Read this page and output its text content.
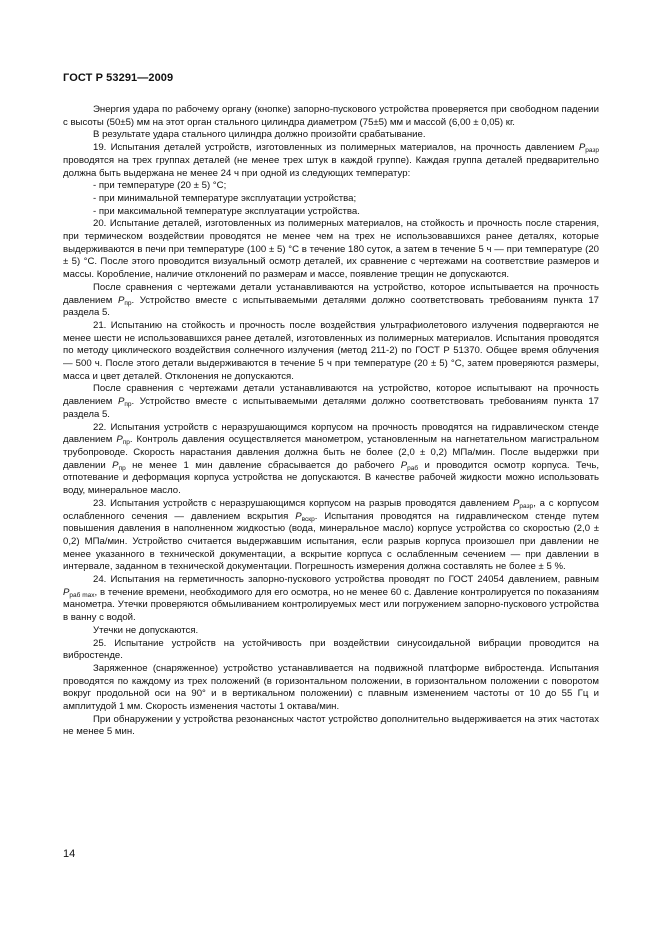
ГОСТ Р 53291—2009

Энергия удара по рабочему органу (кнопке) запорно-пускового устройства проверяется при свободном падении с высоты (50±5) мм на этот орган стального цилиндра диаметром (75±5) мм и массой (6,00 ± 0,05) кг.

В результате удара стального цилиндра должно произойти срабатывание.

19. Испытания деталей устройств, изготовленных из полимерных материалов, на прочность давлением $P_{разр}$ проводятся на трех группах деталей (не менее трех штук в каждой группе). Каждая группа деталей предварительно должна быть выдержана не менее 24 ч при одной из следующих температур:

- при температуре (20 ± 5) °С;

- при минимальной температуре эксплуатации устройства;

- при максимальной температуре эксплуатации устройства.

20. Испытание деталей, изготовленных из полимерных материалов, на стойкость и прочность после старения, при термическом воздействии проводятся не менее чем на трех не использовавшихся ранее деталях, которые выдерживаются в печи при температуре (100 ± 5) °С в течение 180 суток, а затем в течение 5 ч — при температуре (20 ± 5) °С. После этого проводится визуальный осмотр деталей, их сравнение с чертежами на соответствие размеров и массы. Коробление, наличие отклонений по размерам и массе, появление трещин не допускаются.

После сравнения с чертежами детали устанавливаются на устройство, которое испытывается на прочность давлением $P_{пр}$. Устройство вместе с испытываемыми деталями должно соответствовать требованиям пункта 17 раздела 5.

21. Испытанию на стойкость и прочность после воздействия ультрафиолетового излучения подвергаются не менее шести не использовавшихся ранее деталей, изготовленных из полимерных материалов. Испытания проводятся по методу циклического воздействия солнечного излучения (метод 211-2) по ГОСТ Р 51370. Общее время облучения — 500 ч. После этого детали выдерживаются в течение 5 ч при температуре (20 ± 5) °С, затем проверяются размеры, масса и цвет деталей. Отклонения не допускаются.

После сравнения с чертежами детали устанавливаются на устройство, которое испытывают на прочность давлением $P_{пр}$. Устройство вместе с испытываемыми деталями должно соответствовать требованиям пункта 17 раздела 5.

22. Испытания устройств с неразрушающимся корпусом на прочность проводятся на гидравлическом стенде давлением $P_{пр}$. Контроль давления осуществляется манометром, установленным на нагнетательном магистральном трубопроводе. Скорость нарастания давления должна быть не более (2,0 ± 0,2) МПа/мин. После выдержки при давлении $P_{пр}$ не менее 1 мин давление сбрасывается до рабочего $P_{раб}$ и проводится осмотр корпуса. Течь, отпотевание и деформация корпуса устройства не допускаются. В качестве рабочей жидкости можно использовать воду, минеральное масло.

23. Испытания устройств с неразрушающимся корпусом на разрыв проводятся давлением $P_{разр}$, а с корпусом ослабленного сечения — давлением вскрытия $P_{вскр}$. Испытания проводятся на гидравлическом стенде путем повышения давления в наполненном жидкостью (вода, минеральное масло) корпусе устройства со скоростью (2,0 ± 0,2) МПа/мин. Устройство считается выдержавшим испытания, если разрыв корпуса произошел при давлении не менее указанного в технической документации, а вскрытие корпуса с ослабленным сечением — при давлении в интервале, заданном в технической документации. Погрешность измерения должна составлять не более ± 5 %.

24. Испытания на герметичность запорно-пускового устройства проводят по ГОСТ 24054 давлением, равным $P_{раб max}$, в течение времени, необходимого для его осмотра, но не менее 60 с. Давление контролируется по показаниям манометра. Утечки проверяются обмыливанием контролируемых мест или погружением запорно-пускового устройства в ванну с водой.

Утечки не допускаются.

25. Испытание устройств на устойчивость при воздействии синусоидальной вибрации проводится на вибростенде.

Заряженное (снаряженное) устройство устанавливается на подвижной платформе вибростенда. Испытания проводятся по каждому из трех положений (в горизонтальном положении, в горизонтальном положении с поворотом вокруг продольной оси на 90° и в вертикальном положении) с плавным изменением частоты от 10 до 55 Гц и амплитудой 1 мм. Скорость изменения частоты 1 октава/мин.

При обнаружении у устройства резонансных частот устройство дополнительно выдерживается на этих частотах не менее 5 мин.

14
